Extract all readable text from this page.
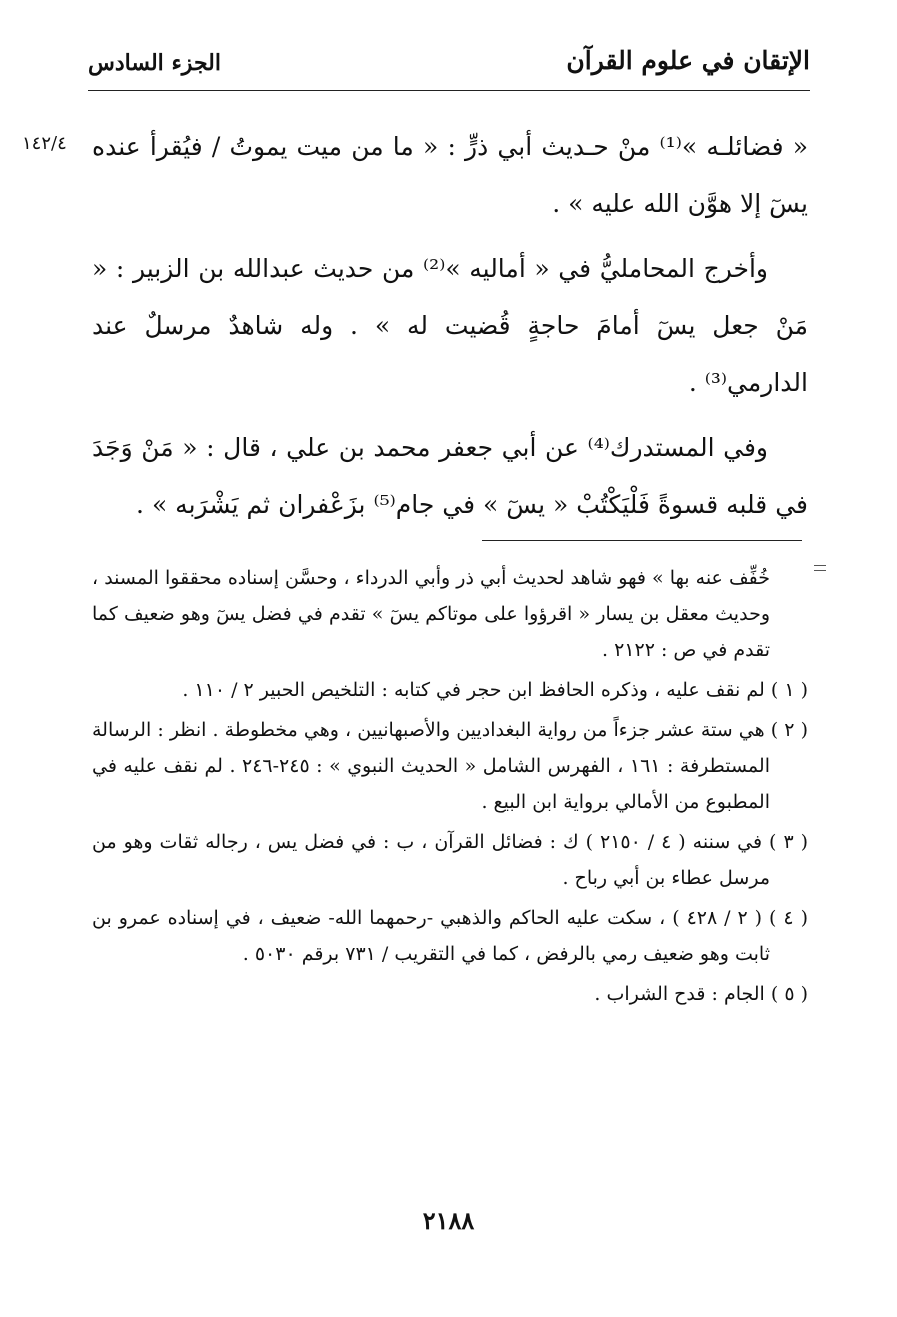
الإتقان في علوم القرآن
الجزء السادس
١٤٢/٤ « فضائلـه »⁽¹⁾ منْ حـديث أبي ذرٍّ : « ما من ميت يموتُ / فيُقرأ عنده يسٓ إلا هوَّن الله عليه » .

وأخرج المحامليُّ في « أماليه »⁽²⁾ من حديث عبدالله بن الزبير : « مَنْ جعل يسٓ أمامَ حاجةٍ قُضيت له » . وله شاهدٌ مرسلٌ عند الدارمي⁽³⁾ .

وفي المستدرك⁽⁴⁾ عن أبي جعفر محمد بن علي ، قال : « مَنْ وَجَدَ في قلبه قسوةً فَلْيَكْتُبْ « يسٓ » في جام⁽⁵⁾ بزَعْفران ثم يَشْرَبه » .

خُفِّف عنه بها » فهو شاهد لحديث أبي ذر وأبي الدرداء ، وحسَّن إسناده محققوا المسند ، وحديث معقل بن يسار « اقرؤوا على موتاكم يسٓ » تقدم في فضل يسٓ وهو ضعيف كما تقدم في ص : ٢١٢٢ .

( ١ ) لم نقف عليه ، وذكره الحافظ ابن حجر في كتابه : التلخيص الحبير ٢ / ١١٠ .

( ٢ ) هي ستة عشر جزءاً من رواية البغداديين والأصبهانيين ، وهي مخطوطة . انظر : الرسالة المستطرفة : ١٦١ ، الفهرس الشامل « الحديث النبوي » : ٢٤٥-٢٤٦ . لم نقف عليه في المطبوع من الأمالي برواية ابن البيع .

( ٣ ) في سننه ( ٤ / ٢١٥٠ ) ك : فضائل القرآن ، ب : في فضل يس ، رجاله ثقات وهو من مرسل عطاء بن أبي رباح .

( ٤ ) ( ٢ / ٤٢٨ ) ، سكت عليه الحاكم والذهبي -رحمهما الله- ضعيف ، في إسناده عمرو بن ثابت وهو ضعيف رمي بالرفض ، كما في التقريب / ٧٣١ برقم ٥٠٣٠ .

( ٥ ) الجام : قدح الشراب .

٢١٨٨
